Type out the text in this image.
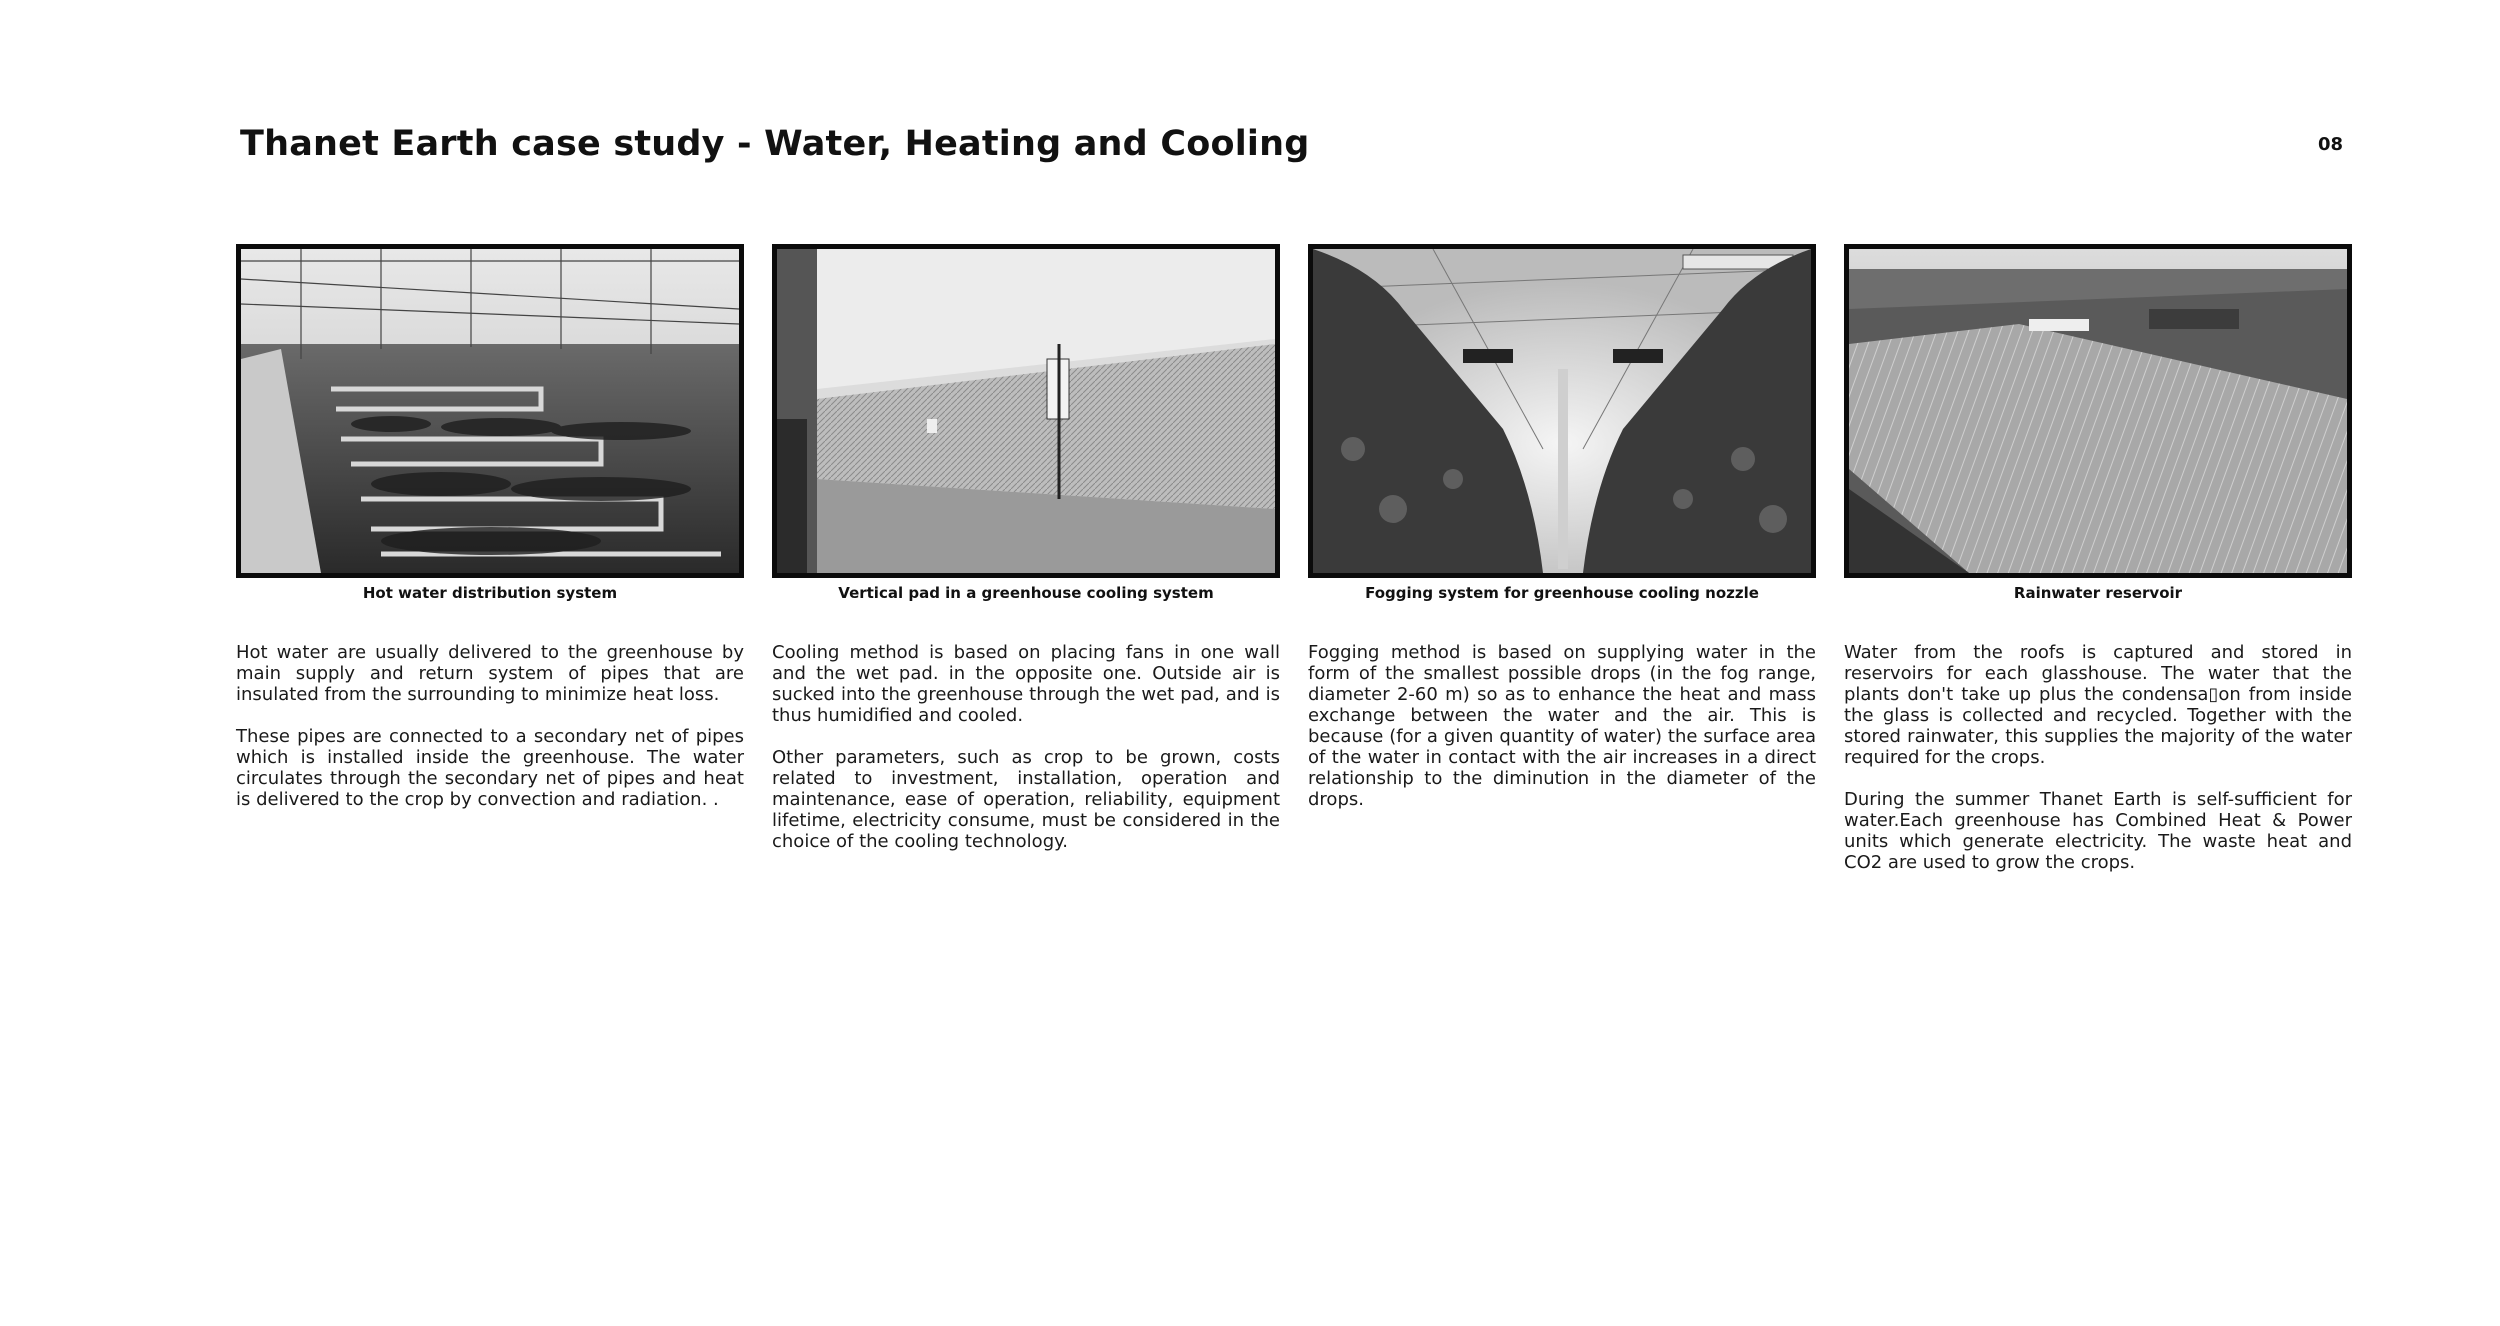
Thanet Earth case study - Water, Heating and Cooling	08
Hot water distribution system

Hot water are usually delivered to the greenhouse by main supply and return system of pipes that are insulated from the surrounding to minimize heat loss.

These pipes are connected to a secondary net of pipes which is installed inside the greenhouse. The water circulates through the secondary net of pipes and heat is delivered to the crop by convection and radiation. .

Vertical pad in a greenhouse cooling system

Cooling method is based on placing fans in one wall and the wet pad. in the opposite one. Outside air is sucked into the greenhouse through the wet pad, and is thus humidified and cooled.

Other parameters, such as crop to be grown, costs related to investment, installation, operation and maintenance, ease of operation, reliability, equipment lifetime, electricity consume, must be considered in the choice of the cooling technology.

Fogging system for greenhouse cooling nozzle

Fogging method is based on supplying water in the form of the smallest possible drops (in the fog range, diameter 2-60 m) so as to enhance the heat and mass exchange between the water and the air. This is because (for a given quantity of water) the surface area of the water in contact with the air increases in a direct relationship to the diminution in the diameter of the drops.

Rainwater reservoir

Water from the roofs is captured and stored in reservoirs for each glasshouse. The water that the plants don't take up plus the condensa▯on from inside the glass is collected and recycled. Together with the stored rainwater, this supplies the majority of the water required for the crops.

During the summer Thanet Earth is self-sufficient for water.Each greenhouse has Combined Heat & Power units which generate electricity. The waste heat and CO2 are used to grow the crops.
